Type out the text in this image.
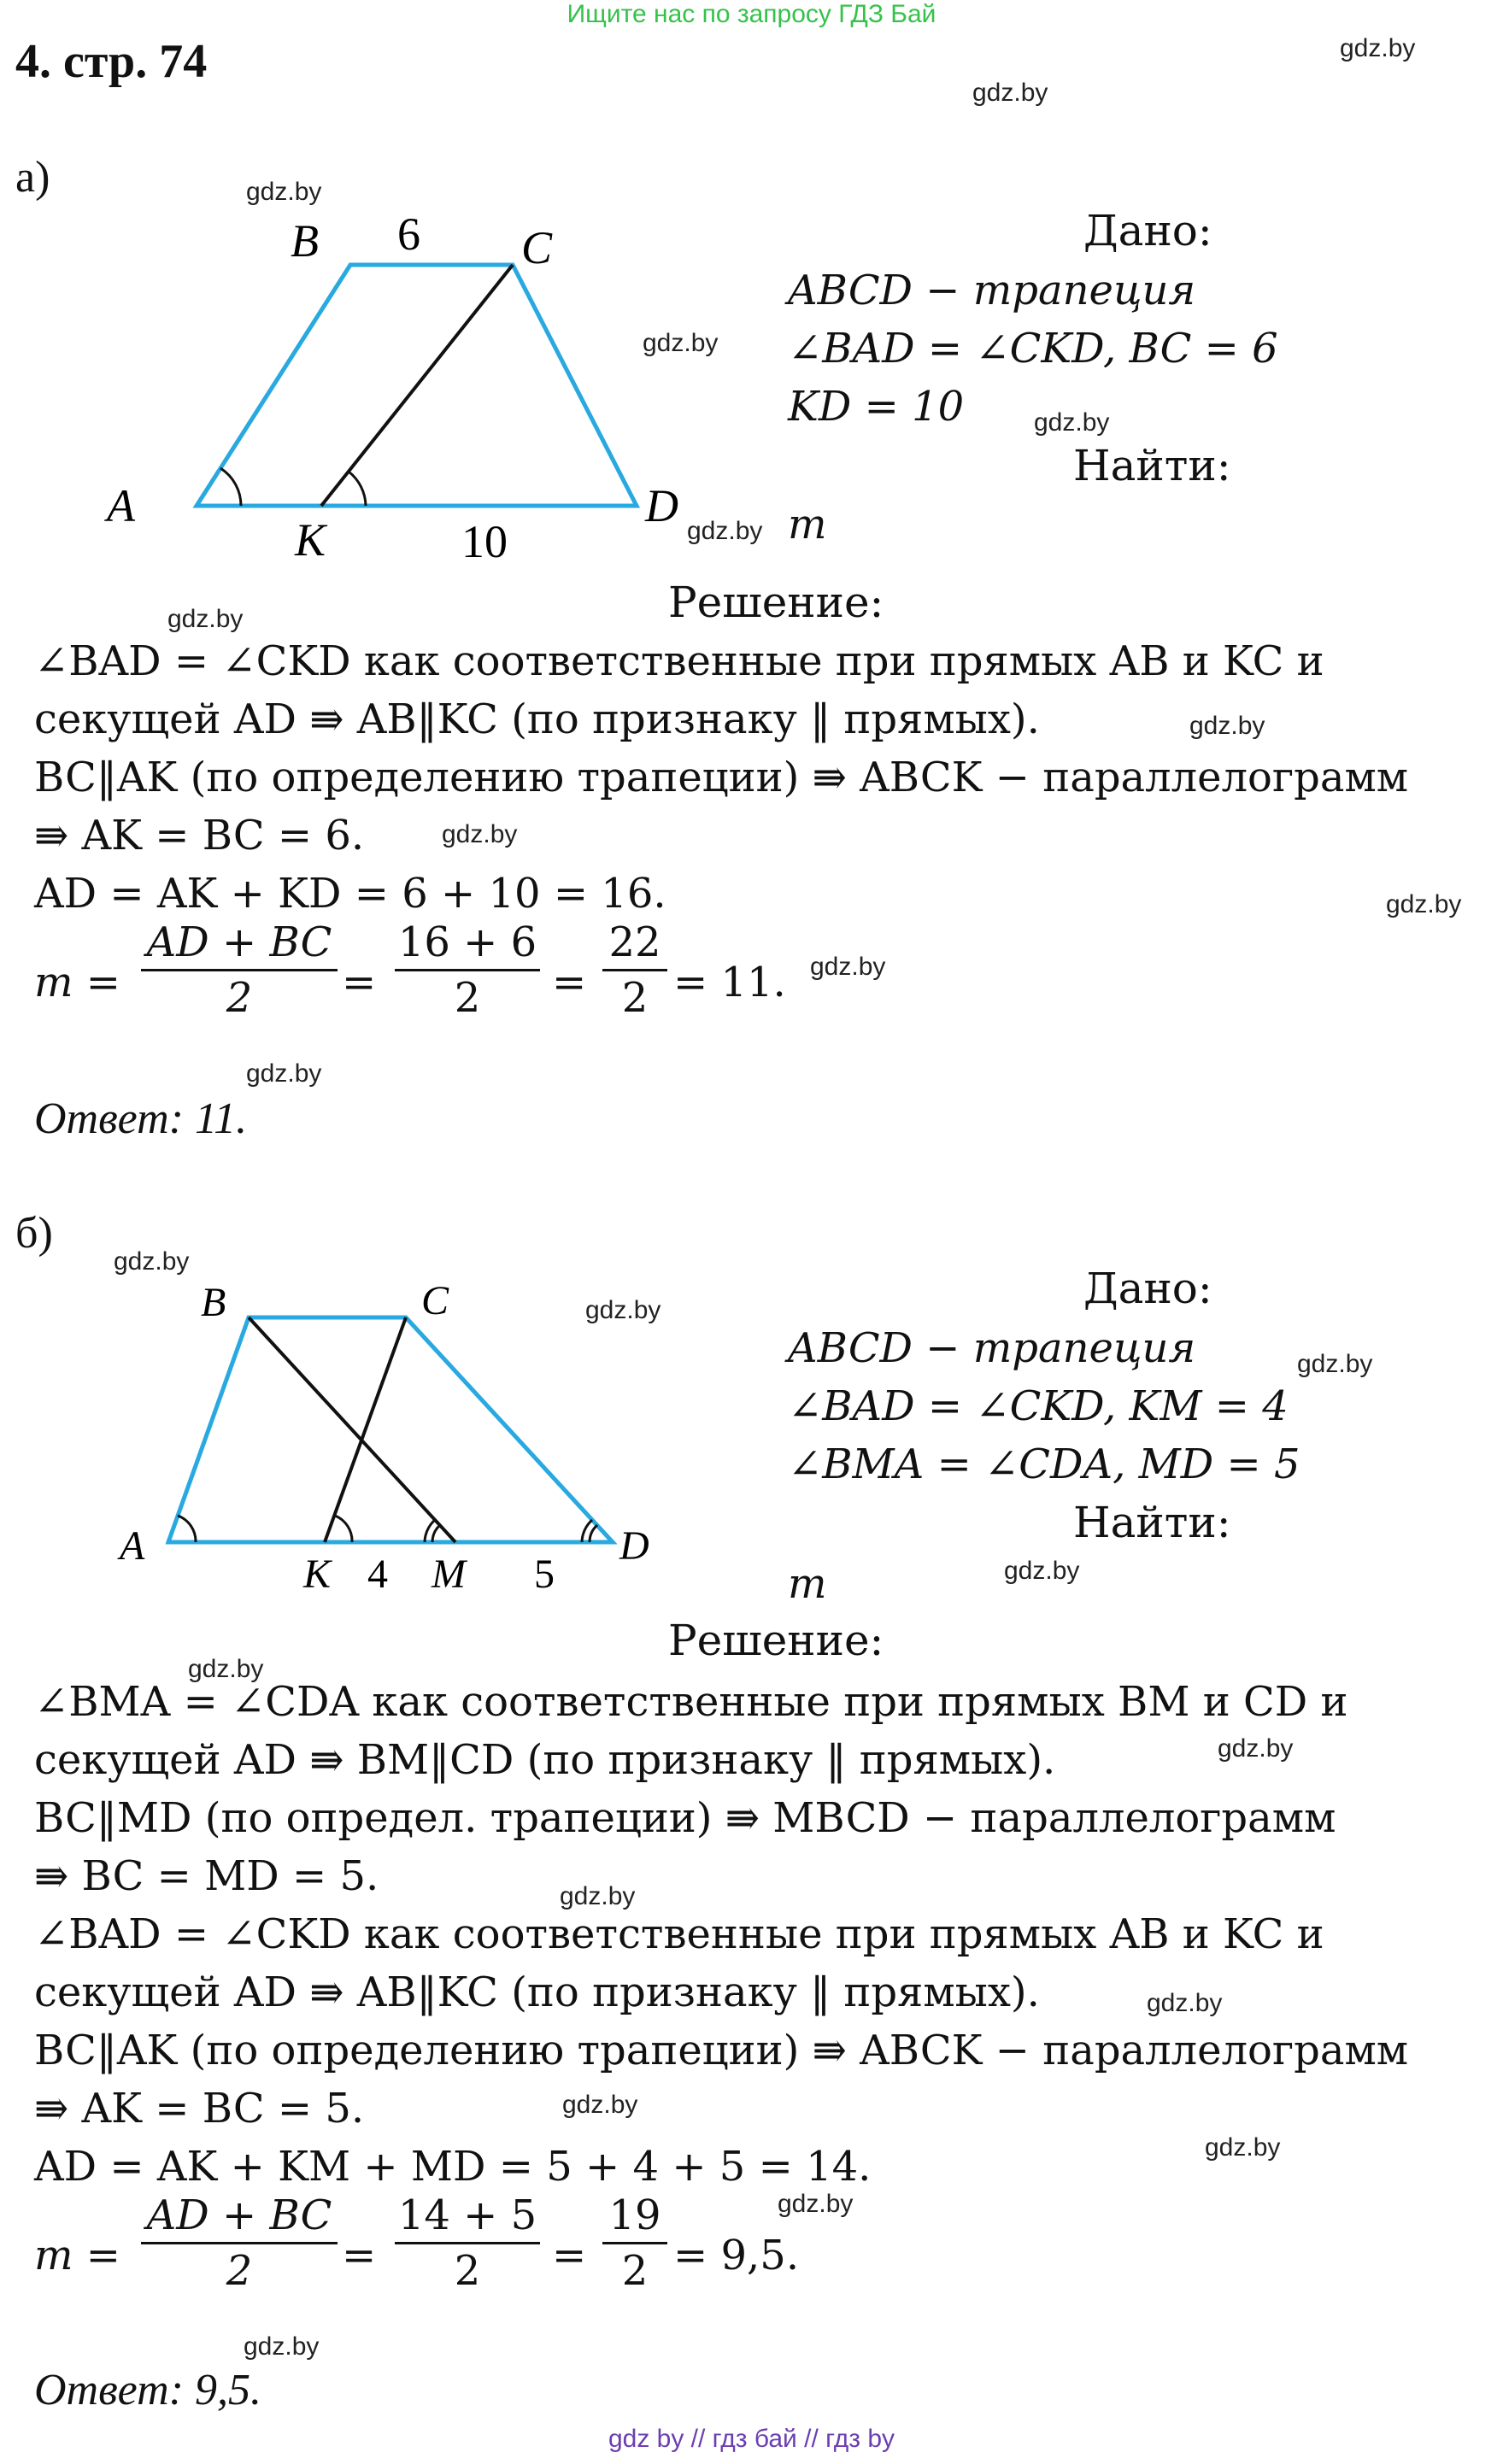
Ищите нас по запросу ГДЗ Бай
4. стр. 74	gdz.by
gdz.by
gdz.by
gdz.by
gdz.by
gdz.by
gdz.by
gdz.by
gdz.by
gdz.by
gdz.by
gdz.by
gdz.by
gdz.by
gdz.by
gdz.by
gdz.by
gdz.by
gdz.by
gdz.by
gdz.by
gdz.by
gdz.by
gdz.by
а)
B	C
A	D
K
6
10
Дано:
ABCD − трапеция
∠BAD = ∠CKD, BC = 6
KD = 10
Найти:
m
Решение:
∠BAD = ∠CKD как соответственные при прямых AB и KC и
секущей AD ⇛ AB‖KC (по признаку ‖ прямых).
BC‖AK (по определению трапеции) ⇛ ABCK − параллелограмм
⇛ AK = BC = 6.
AD = AK + KD = 6 + 10 = 16.
m =
AD + BC
2	=
16 + 6
2	=
22
2 = 11.
Ответ: 11.
б)
B	C
A	D
K M
4	5
Дано:
ABCD − трапеция
∠BAD = ∠CKD, KM = 4
∠BMA = ∠CDA, MD = 5
Найти:
m
Решение:
∠BMA = ∠CDA как соответственные при прямых BM и CD и
секущей AD ⇛ BM‖CD (по признаку ‖ прямых).
BC‖MD (по определ. трапеции) ⇛ MBCD − параллелограмм
⇛ BC = MD = 5.
∠BAD = ∠CKD как соответственные при прямых AB и KC и
секущей AD ⇛ AB‖KC (по признаку ‖ прямых).
BC‖AK (по определению трапеции) ⇛ ABCK − параллелограмм
⇛ AK = BC = 5.
AD = AK + KM + MD = 5 + 4 + 5 = 14.
m =
AD + BC
2	=
14 + 5
2	=
19
2 = 9,5.
Ответ: 9,5.
gdz by // гдз бай // гдз by
